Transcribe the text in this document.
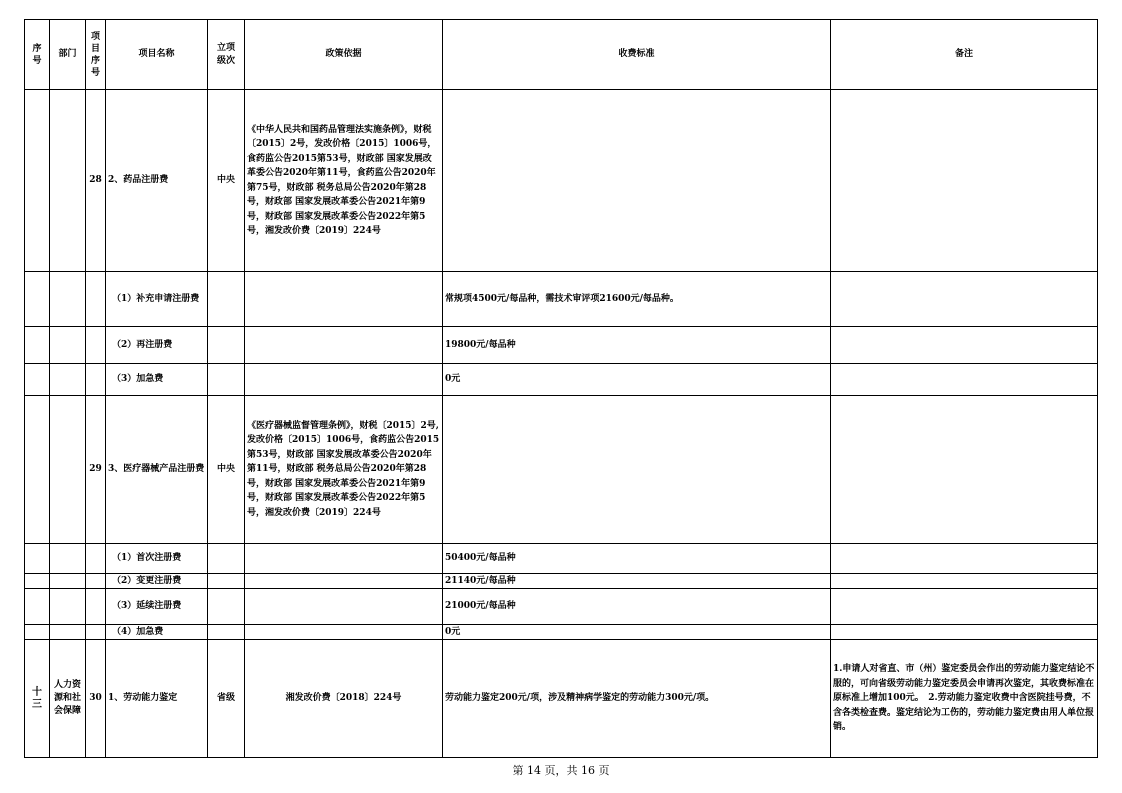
序号	部门	项目序号	项目名称	立项级次	政策依据	收费标准	备注
		28	2、药品注册费	中央	《中华人民共和国药品管理法实施条例》，财税〔2015〕2号，发改价格〔2015〕1006号，食药监公告2015第53号，财政部 国家发展改革委公告2020年第11号，食药监公告2020年第75号，财政部 税务总局公告2020年第28号，财政部 国家发展改革委公告2021年第9号，财政部 国家发展改革委公告2022年第5号，湘发改价费〔2019〕224号		
			（1）补充申请注册费			常规项4500元/每品种，需技术审评项21600元/每品种。	
			（2）再注册费			19800元/每品种	
			（3）加急费			0元	
		29	3、医疗器械产品注册费	中央	《医疗器械监督管理条例》，财税〔2015〕2号,发改价格〔2015〕1006号，食药监公告2015第53号，财政部 国家发展改革委公告2020年第11号，财政部 税务总局公告2020年第28号，财政部 国家发展改革委公告2021年第9号，财政部 国家发展改革委公告2022年第5号，湘发改价费〔2019〕224号		
			（1）首次注册费			50400元/每品种	
			（2）变更注册费			21140元/每品种	
			（3）延续注册费			21000元/每品种	
			（4）加急费			0元	
十三	人力资源和社会保障	30	1、劳动能力鉴定	省级	湘发改价费〔2018〕224号	劳动能力鉴定200元/项，涉及精神病学鉴定的劳动能力300元/项。	1.申请人对省直、市（州）鉴定委员会作出的劳动能力鉴定结论不服的，可向省级劳动能力鉴定委员会申请再次鉴定，其收费标准在原标准上增加100元。　2.劳动能力鉴定收费中含医院挂号费，不含各类检查费。鉴定结论为工伤的，劳动能力鉴定费由用人单位报销。
第 14 页，共 16 页
